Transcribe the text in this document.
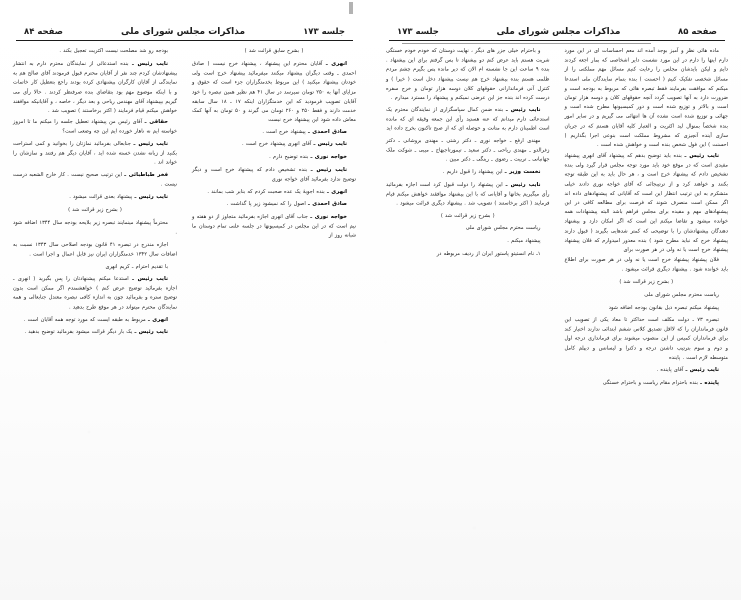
صفحه ۸۵
مذاکرات مجلس شورای ملی
جلسه ۱۷۳

ماده هائی نظر و آمیز بوجد آمده اند معم احساسات ای در این مورد دارم اینها را دارم در این مورد نشست دایر اشخاصی که بمار اجعه کردند دایم و لیکن بایدشان مجلس را رعایت کنیم مسائل مهم مملکتی را از مسائل شخصی تفکیک کنیم ( احسنت ) بنده بتمام نمایندگان ملی استدعا میکنم که موافقت بفرمایند فقط تبصره هائی که مربوط به بودجه است و ضرورت دارد به آنها تصویب گردد آنچه حقوقهای کلان و دوسه هزار تومان است و بالاتر و توزیع شده است و دور کمیسیونها مطرح شده است و جهائی و توزیع شده است نشده آن ها انتهائی می گیریم و در سایر امور بنده شخصاً بمنوال لید اکثریت و العتبار کلیه آقایان هستم که در جریان سازی آینده آنچیزی که مشروط مملکت است بنوعی اجرا بگذاریم ( احسنت ) این فول شخص بنده است و خواهش شده است .

نایب رئیس ـ بنده باید توضیح بدهم که پیشنهاد آقای انهری پیشنهاد مفیدی است که در موقع خود باید مورد توجه مجلس قرار گیرد ولی بنده تشخیص دادم که پیشنهاد خرج است و ، هر حال باید به این طبقه توجه بکنند و خواهند کرد و از ترتیبجائی که آقای خواجه نوری دادند خیلی متشکرم به این ترتیب انتظار این است که آقایانی که پیشنهادهای داده اند اگر ممکن است منصرف شوند که فرصت برای مطالعه کافی در این پیشنهادهای مهم و مفیده برای مجلس فراهم باشد البته پیشنهادات همه خوانده میشود و تقاضا میکنم این است که اگر امکان دارد و پیشنهاد دهندگان پیشنهادشان را با توضیحی که کمتر شدهایی بگیرند ( قبول دارند پیشنهاد خرج که نباید مطرح شود ) بنده معذور امیدوارم که فلان پیشنهاد پیشنهاد خرج است یا نه ولی در هر صورت برای

فلان پیشنهاد پیشنهاد خرج است یا نه ولی در هر صورت برای اطلاع باید خوانده شود . پیشنهاد دیگری قرائت میشود .

( بشرح زیر قرائت شد )

ریاست محترم مجلس شورای ملی

پیشنهاد میکنم تبصره ذیل بقانون بودجه اضافه شود

تبصره ۷۳ ـ دولت مکلف است حداکثر تا معاد یکی از تصویب این قانون فرمانداران را که لااقل تصدیق کلاس ششم ابتدائی ندارند اختیار کند برای فرمانداران کمیس از این منصوب میشوند برای فرمانداری درجه اول و دوم و سوم بترتیب داشتن درجه و دکترا و لیسانس و دیپلم کامل متوسطه لازم است . پاینده

نایب رئیس ـ آقای پاینده .

پاینده ـ بنده باحترام مقام ریاست و باحترام خستگی

و باحترام خیلی جزر های دیگر ، نهایت دوستان که خودم خودم خستگی شریت هستم باید عرض کنم دو پیشنهاد تا پس گرفتم برای این پیشنهاد . بنده ۹ ساعت این جا نشسته ام الان که دیر مانده پس بگیرم چشم مردم ظلمی هستم بنده پیشنهاد خرج هم نیست پیشنهاد دخل است ( خیرا ) و کنترل آنی فرماندارانی حقوقهای کلان دوسه هزار تومان و خرج سفره درست کرده اند بنده جز این عرضی نمیکنم و پیشنهاد را مسترد میدارم .

نایب رئیس ـ بنده ضمن کمال سپاسگزاری از نمایندگان محترم یک استدعائی دارم میدانم که عنه هستید رأی این جمعه وقیقه ای که مانده است اطمینان دارم به متانت و حوصله ای که از صبح تاکنون بخرج داده اید

مهندی ارفع ـ خواجه نوری ـ دکتر رشتی ـ مهندی بروشانی ـ دکتر زغرالدو ـ مهندی ریاحی ـ دکتر سعید ـ تیمورتاجبهاج ـ میبی ـ شوکت ملک جهانبانی ـ تربیت ـ رضوی ـ رینگی ـ دکتر مبین .

نخست وزیر ـ این پیشنهاد را قبول داریم .

نایب رئیس ـ این پیشنهاد را دولت قبول کرد است اجازه بفرمائید رأی میگیریم بخانها و آقایانی که با این پیشنهاد موافقند خواهش میکنم قیام فرمایند ( اکثر برخاستند ) تصویب شد . پیشنهاد دیگری قرائت میشود .

( بشرح زیر قرائت شد )

ریاست محترم مجلس شورای ملی

پیشنهاد میکنم .

۱ـ نام انستیتو پاستور ایران از ردیف مربوطه در

جلسه ۱۷۳
مذاکرات مجلس شورای ملی
صفحه ۸۴

( بشرح سابق قرائت شد )

انهری ـ آقایان محترم این پیشنهاد ، پیشنهاد خرج نیست ( صادق احمدی ـ وقتی دیگران پیشنهاد میکنند میفرمائید پیشنهاد خرج است ولی خودتان پیشنهاد میکنید ) این مربوط بخدمتگزاران جزء است که حقوق و مزایای آنها به ۲۵۰ تومان نمیرسد در سال ۴۱ هم نظیر همین تبصره را خود آقایان تصویب فرمودید که این خدمتگزاران اینکه ۱۷ ـ ۱۸ سال سابقه خدمت دارند و فقط ۲۵۰ و ۲۶۰ تومان می گیرند و ۵۰ تومان به آنها کمک معاش داده شود این پیشنهاد خرج نیست

صادق احمدی ـ پیشنهاد خرج است .

نایب رئیس ـ آقای انهری پیشنهاد خرج است .

خواجه نوری ـ بنده توضیح دارم .

نایب رئیس ـ بنده تشخیص دادم که پیشنهاد خرج است و دیگر توضیح ندارد بفرمائید آقای خواجه نوری

انهری ـ بنده اجویهٔ یک عده صحبت کردم که بنابر شب بمانند .

صادق احمدی ـ اصول را که نمیشود زیر پا گذاشت .

خواجه نوری ـ جناب آقای انهری اجازه بفرمائید متجاوز از دو هفته و نیم است که در این مجلس در کمیسیونها در جلسه علنی تمام دوستان ما شبانه روز از

بودجه رو شد مصلحت نیست اکثریت تعجیل بکند .

نایب رئیس ـ بنده استدعائی از نمایندگان محترم دارم به انتشار پیشنهادشان کردم چند نفر از آقایان محترم قبول فرمودند آقای صالح هم به نمایندگی از آقایان کارگران پیشنهادی کرده بودند راجع بتعطیل کار خاتمات و با اینکه موضوع مهم بود بتقاضای بنده صرفنظر کردند . حالا رأی می گیریم بپیشنهاد آقای مهندس ریاحی و بعد دیگر ، خاصه ، و آقایانیکه موافقند خواهش میکنم قیام فرمایند ( اکثر برخاستند ) تصویب شد .

حقاقی ـ آقای رئیس من پیشنهاد تعطیل جلسه را میکنم ما تا امروز خواسته ایم نه ناهار خورده ایم این چه وضعی است؟

نایب رئیس ـ جنابعالی بفرمائید نمازتان را بخوانید و کمی استراحت بکنید از زبانه نشدن خسته شده اید ، آقایان دیگر هم رفتند و نمازشان را خواند اند .

فخر طباطبائی ـ این ترتیب صحیح نیست . کار خارج الشعبه درست نیست .

نایب رئیس ـ پیشنهاد بعدی قرائت میشود .

( بشرح زیر قرائت شد )

محترماً پیشنهاد مینمایند تبصره زیر بلایحه بودجه سال ۱۳۴۴ اضافه شود .

اجازه مندرج در تبصره ۴۱ قانون بودجه اصلاحی سال ۱۳۴۳ نسبت به اضافات سال ۱۳۴۲ خدمتگزاران ایران نیز قابل اعمال و اجرا است .

با تقدیم احترام ـ کریم انهری

نایب رئیس ـ استدعا میکنم پیشنهادتان را پس بگیرید ( انهری ـ اجازه بفرمائید توضیح عرض کنم ) خواهشمندم اگر ممکن است بدون توضیح ستره و بفرمائید چون به اندازه کافی تبصره معتدل جنابعالی و همه نمایندگان محترم میتواند در هر موقع طرح بدهید .

انهری ـ مربوط به طبقه ایست که مورد توجه همه آقایان است .

نایب رئیس ـ یک بار دیگر قرائت میشود بفرمائید توضیح بدهید .
